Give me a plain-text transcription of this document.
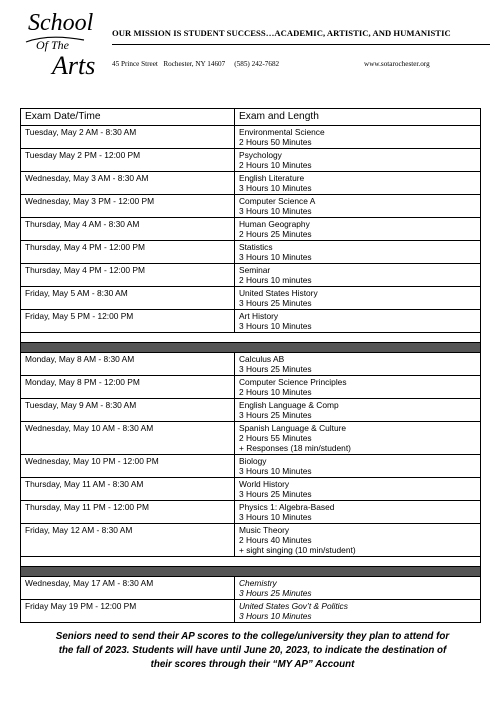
School
Of The
Arts
OUR MISSION IS STUDENT SUCCESS…ACADEMIC, ARTISTIC, AND HUMANISTIC
45 Prince Street Rochester, NY 14607 (585) 242-7682	www.sotarochester.org
Exam Date/Time	Exam and Length
Tuesday, May 2 AM - 8:30 AM	Environmental Science
2 Hours 50 Minutes

Tuesday May 2 PM - 12:00 PM	Psychology
2 Hours 10 Minutes

Wednesday, May 3 AM - 8:30 AM	English Literature
3 Hours 10 Minutes

Wednesday, May 3 PM - 12:00 PM	Computer Science A
3 Hours 10 Minutes

Thursday, May 4 AM - 8:30 AM	Human Geography
2 Hours 25 Minutes

Thursday, May 4 PM - 12:00 PM	Statistics
3 Hours 10 Minutes

Thursday, May 4 PM - 12:00 PM	Seminar
2 Hours 10 minutes

Friday, May 5 AM - 8:30 AM	United States History
3 Hours 25 Minutes

Friday, May 5 PM - 12:00 PM	Art History
3 Hours 10 Minutes

Monday, May 8 AM - 8:30 AM	Calculus AB
3 Hours 25 Minutes

Monday, May 8 PM - 12:00 PM	Computer Science Principles
2 Hours 10 Minutes

Tuesday, May 9 AM - 8:30 AM	English Language & Comp
3 Hours 25 Minutes

Wednesday, May 10 AM - 8:30 AM	Spanish Language & Culture
2 Hours 55 Minutes
+ Responses (18 min/student)

Wednesday, May 10 PM - 12:00 PM	Biology
3 Hours 10 Minutes

Thursday, May 11 AM - 8:30 AM	World History
3 Hours 25 Minutes

Thursday, May 11 PM - 12:00 PM	Physics 1: Algebra-Based
3 Hours 10 Minutes

Friday, May 12 AM - 8:30 AM	Music Theory
2 Hours 40 Minutes
+ sight singing (10 min/student)

Wednesday, May 17 AM - 8:30 AM	Chemistry
3 Hours 25 Minutes

Friday May 19 PM - 12:00 PM	United States Gov’t & Politics
3 Hours 10 Minutes
Seniors need to send their AP scores to the college/university they plan to attend for
the fall of 2023. Students will have until June 20, 2023, to indicate the destination of
their scores through their “MY AP” Account
